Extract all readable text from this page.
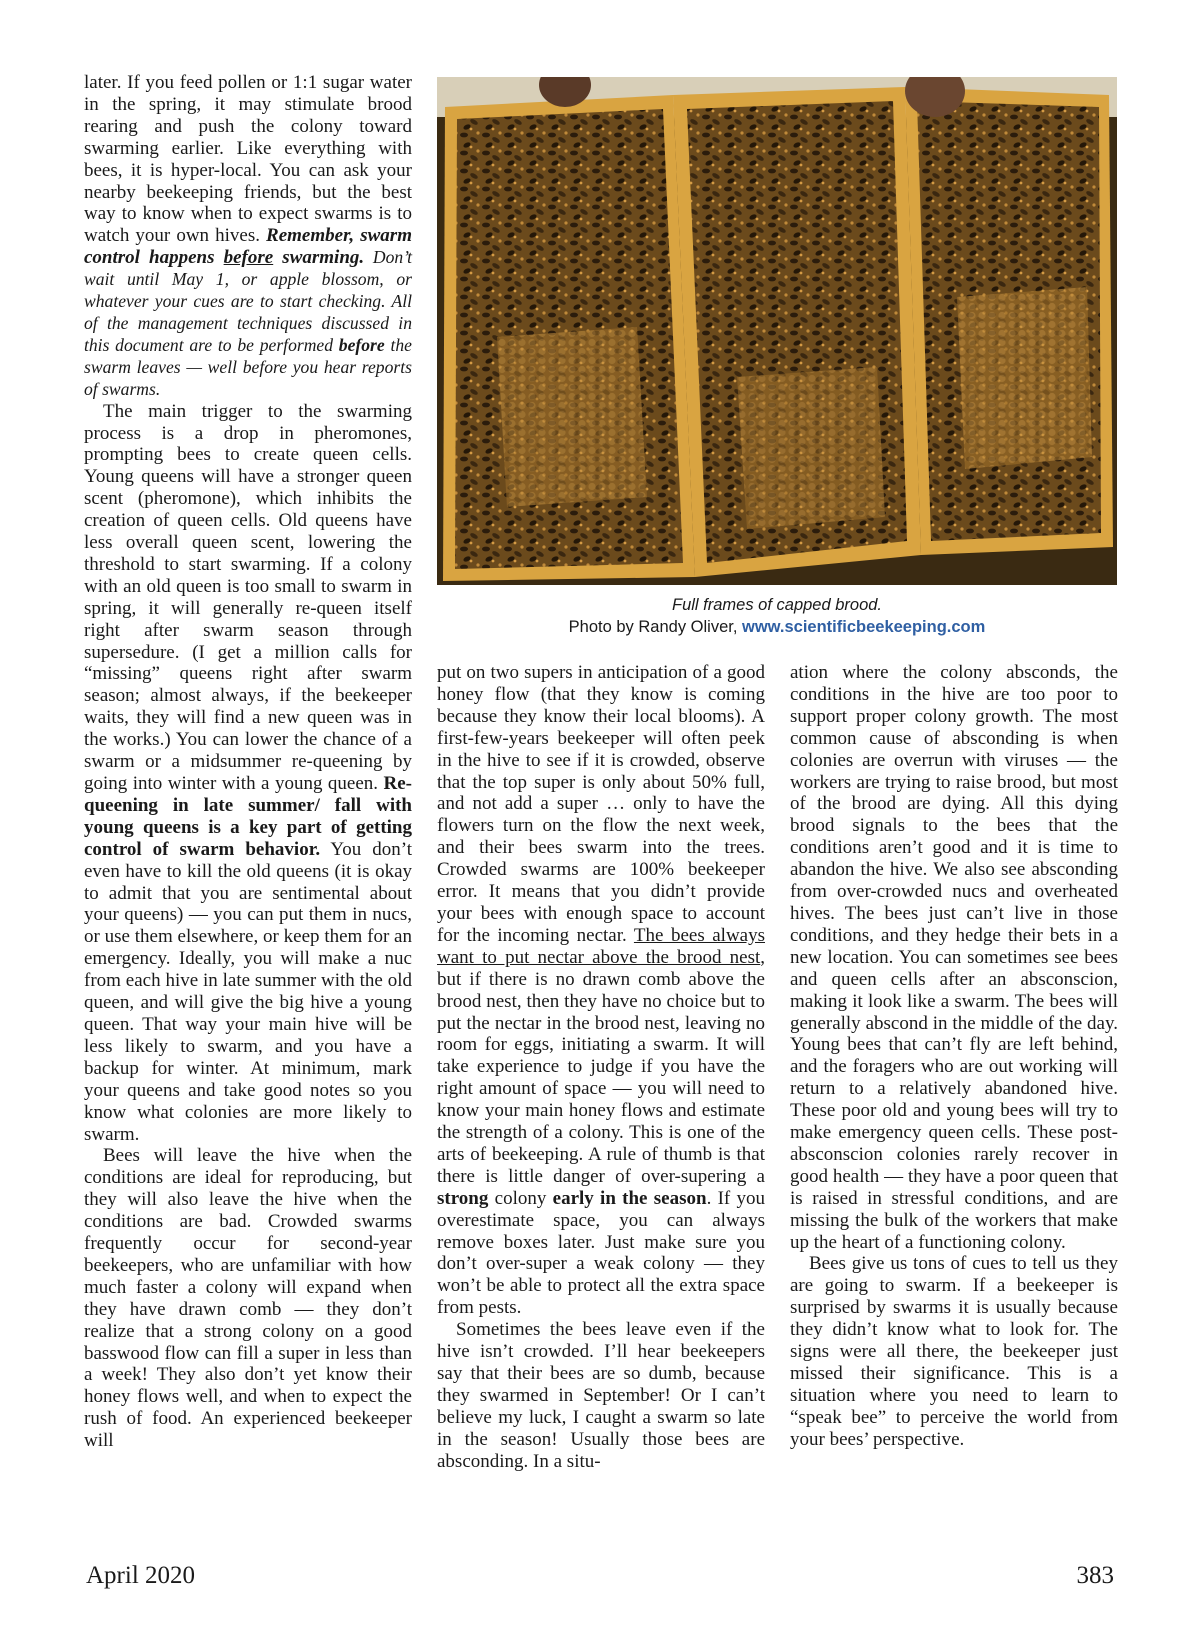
later. If you feed pollen or 1:1 sugar water in the spring, it may stimulate brood rearing and push the colony toward swarming earlier. Like everything with bees, it is hyper-local. You can ask your nearby beekeeping friends, but the best way to know when to expect swarms is to watch your own hives. Remember, swarm control happens before swarming. Don’t wait until May 1, or apple blossom, or whatever your cues are to start checking. All of the management techniques discussed in this document are to be performed before the swarm leaves — well before you hear reports of swarms.

The main trigger to the swarming process is a drop in pheromones, prompting bees to create queen cells. Young queens will have a stronger queen scent (pheromone), which inhibits the creation of queen cells. Old queens have less overall queen scent, lowering the threshold to start swarming. If a colony with an old queen is too small to swarm in spring, it will generally re-queen itself right after swarm season through supersedure. (I get a million calls for “missing” queens right after swarm season; almost always, if the beekeeper waits, they will find a new queen was in the works.) You can lower the chance of a swarm or a midsummer re-queening by going into winter with a young queen. Re-queening in late summer/ fall with young queens is a key part of getting control of swarm behavior. You don’t even have to kill the old queens (it is okay to admit that you are sentimental about your queens) — you can put them in nucs, or use them elsewhere, or keep them for an emergency. Ideally, you will make a nuc from each hive in late summer with the old queen, and will give the big hive a young queen. That way your main hive will be less likely to swarm, and you have a backup for winter. At minimum, mark your queens and take good notes so you know what colonies are more likely to swarm.

Bees will leave the hive when the conditions are ideal for reproducing, but they will also leave the hive when the conditions are bad. Crowded swarms frequently occur for second-year beekeepers, who are unfamiliar with how much faster a colony will expand when they have drawn comb — they don’t realize that a strong colony on a good basswood flow can fill a super in less than a week! They also don’t yet know their honey flows well, and when to expect the rush of food. An experienced beekeeper will

Full frames of capped brood.
Photo by Randy Oliver, www.scientificbeekeeping.com

put on two supers in anticipation of a good honey flow (that they know is coming because they know their local blooms). A first-few-years beekeeper will often peek in the hive to see if it is crowded, observe that the top super is only about 50% full, and not add a super … only to have the flowers turn on the flow the next week, and their bees swarm into the trees. Crowded swarms are 100% beekeeper error. It means that you didn’t provide your bees with enough space to account for the incoming nectar. The bees always want to put nectar above the brood nest, but if there is no drawn comb above the brood nest, then they have no choice but to put the nectar in the brood nest, leaving no room for eggs, initiating a swarm. It will take experience to judge if you have the right amount of space — you will need to know your main honey flows and estimate the strength of a colony. This is one of the arts of beekeeping. A rule of thumb is that there is little danger of over-supering a strong colony early in the season. If you overestimate space, you can always remove boxes later. Just make sure you don’t over-super a weak colony — they won’t be able to protect all the extra space from pests.

Sometimes the bees leave even if the hive isn’t crowded. I’ll hear beekeepers say that their bees are so dumb, because they swarmed in September! Or I can’t believe my luck, I caught a swarm so late in the season! Usually those bees are absconding. In a situ-

ation where the colony absconds, the conditions in the hive are too poor to support proper colony growth. The most common cause of absconding is when colonies are overrun with viruses — the workers are trying to raise brood, but most of the brood are dying. All this dying brood signals to the bees that the conditions aren’t good and it is time to abandon the hive. We also see absconding from over-crowded nucs and overheated hives. The bees just can’t live in those conditions, and they hedge their bets in a new location. You can sometimes see bees and queen cells after an absconscion, making it look like a swarm. The bees will generally abscond in the middle of the day. Young bees that can’t fly are left behind, and the foragers who are out working will return to a relatively abandoned hive. These poor old and young bees will try to make emergency queen cells. These post-absconscion colonies rarely recover in good health — they have a poor queen that is raised in stressful conditions, and are missing the bulk of the workers that make up the heart of a functioning colony.

Bees give us tons of cues to tell us they are going to swarm. If a beekeeper is surprised by swarms it is usually because they didn’t know what to look for. The signs were all there, the beekeeper just missed their significance. This is a situation where you need to learn to “speak bee” to perceive the world from your bees’ perspective.

April 2020	383
